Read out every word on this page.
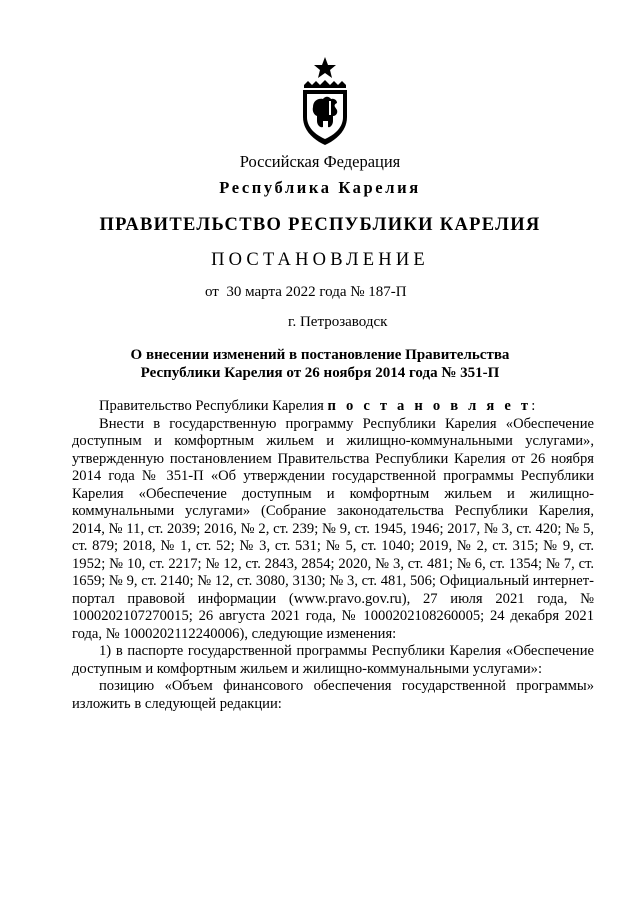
Российская Федерация
Республика Карелия
ПРАВИТЕЛЬСТВО РЕСПУБЛИКИ КАРЕЛИЯ
ПОСТАНОВЛЕНИЕ
от  30 марта 2022 года № 187-П
г. Петрозаводск
О внесении изменений в постановление Правительства
Республики Карелия от 26 ноября 2014 года № 351-П

Правительство Республики Карелия п о с т а н о в л я е т:

Внести в государственную программу Республики Карелия «Обеспечение доступным и комфортным жильем и жилищно-коммунальными услугами», утвержденную постановлением Правительства Республики Карелия от 26 ноября 2014 года № 351-П «Об утверждении государственной программы Республики Карелия «Обеспечение доступным и комфортным жильем и жилищно-коммунальными услугами» (Собрание законодательства Республики Карелия, 2014, № 11, ст. 2039; 2016, № 2, ст. 239; № 9, ст. 1945, 1946; 2017, № 3, ст. 420; № 5, ст. 879; 2018, № 1, ст. 52; № 3, ст. 531; № 5, ст. 1040; 2019, № 2, ст. 315; № 9, ст. 1952; № 10, ст. 2217; № 12, ст. 2843, 2854; 2020, № 3, ст. 481; № 6, ст. 1354; № 7, ст. 1659; № 9, ст. 2140; № 12, ст. 3080, 3130; № 3, ст. 481, 506; Официальный интернет-портал правовой информации (www.pravo.gov.ru), 27 июля 2021 года, № 1000202107270015; 26 августа 2021 года, № 1000202108260005; 24 декабря 2021 года, № 1000202112240006), следующие изменения:

1) в паспорте государственной программы Республики Карелия «Обеспечение доступным и комфортным жильем и жилищно-коммунальными услугами»:

позицию «Объем финансового обеспечения государственной программы» изложить в следующей редакции:
